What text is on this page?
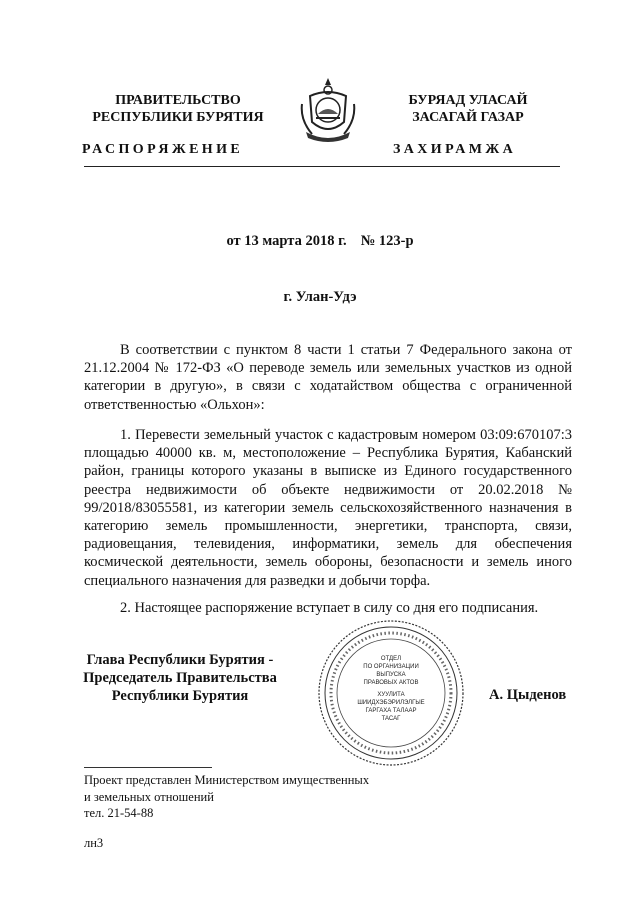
ПРАВИТЕЛЬСТВО
РЕСПУБЛИКИ БУРЯТИЯ
БУРЯАД УЛАСАЙ
ЗАСАГАЙ ГАЗАР
РАСПОРЯЖЕНИЕ	ЗАХИРАМЖА
от 13 марта 2018 г. № 123-р
г. Улан-Удэ
В соответствии с пунктом 8 части 1 статьи 7 Федерального закона от 21.12.2004 № 172-ФЗ «О переводе земель или земельных участков из одной категории в другую», в связи с ходатайством общества с ограниченной ответственностью «Ольхон»:
1. Перевести земельный участок с кадастровым номером 03:09:670107:3 площадью 40000 кв. м, местоположение – Республика Бурятия, Кабанский район, границы которого указаны в выписке из Единого государственного реестра недвижимости об объекте недвижимости от 20.02.2018 № 99/2018/83055581, из категории земель сельскохозяйственного назначения в категорию земель промышленности, энергетики, транспорта, связи, радиовещания, телевидения, информатики, земель для обеспечения космической деятельности, земель обороны, безопасности и земель иного специального назначения для разведки и добычи торфа.
2. Настоящее распоряжение вступает в силу со дня его подписания.
Глава Республики Бурятия -
Председатель Правительства
Республики Бурятия
ОТДЕЛ
ПО ОРГАНИЗАЦИИ
ВЫПУСКА
ПРАВОВЫХ АКТОВ
ХУУЛИТА
ШИИДХЭБЭРИЛЭЛГЫЕ
ГАРГАХА ТАЛААР
ТАСАГ
А. Цыденов
Проект представлен Министерством имущественных
и земельных отношений
тел. 21-54-88
лн3
